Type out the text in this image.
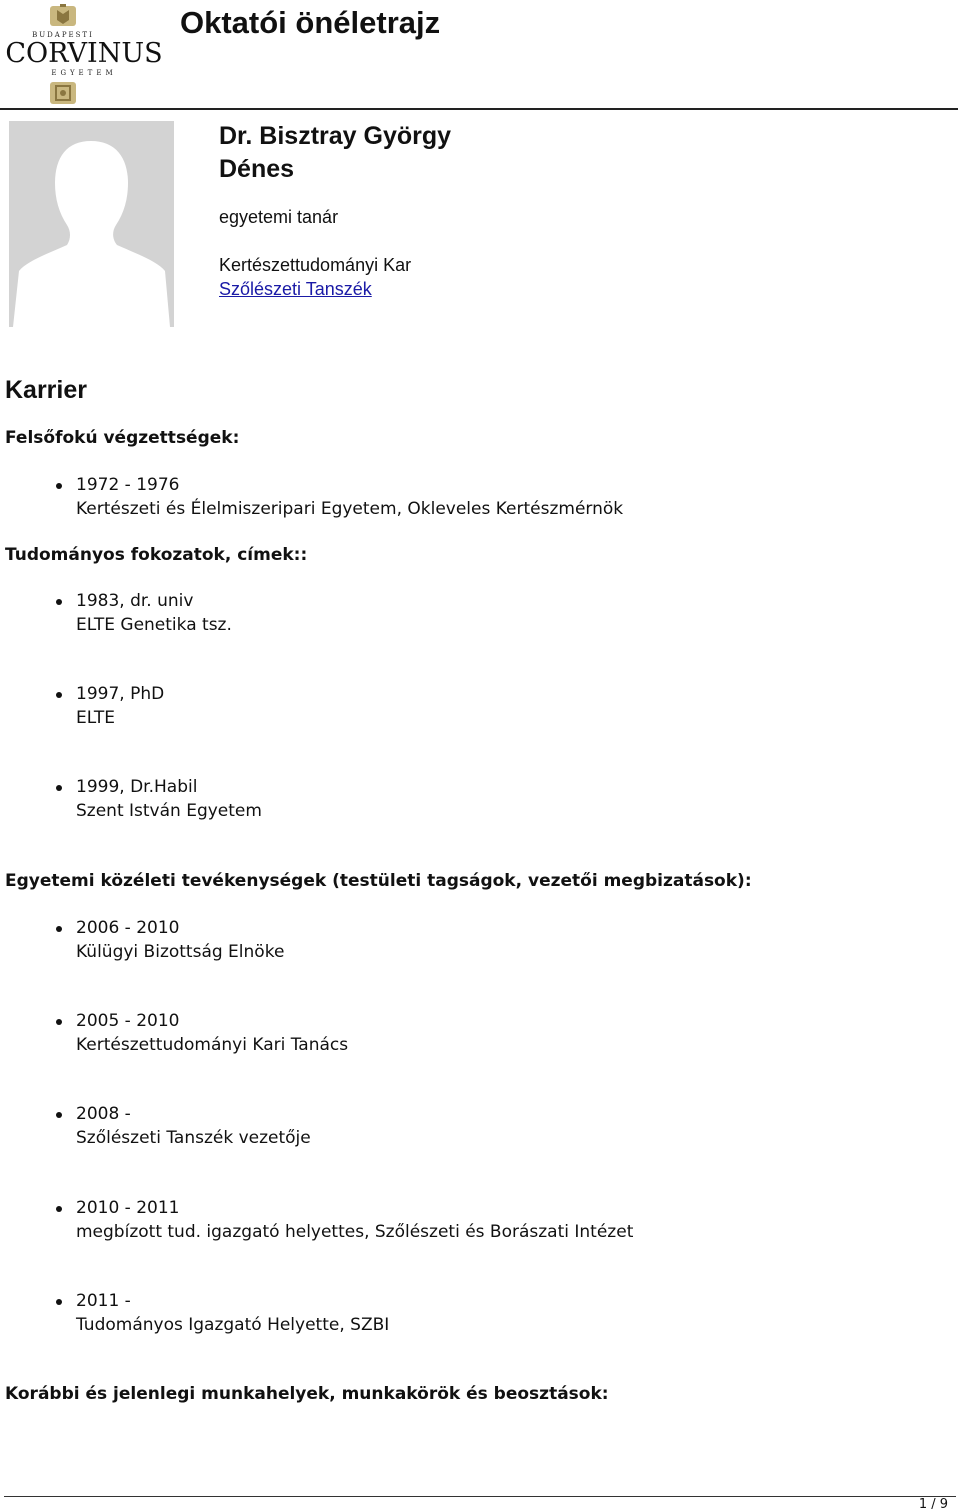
BUDAPESTI
CORVINUS
EGYETEM
Oktatói önéletrajz
Dr. Bisztray György
Dénes

egyetemi tanár

Kertészettudományi Kar

Szőlészeti Tanszék
Karrier
Felsőfokú végzettségek:
1972 - 1976
Kertészeti és Élelmiszeripari Egyetem, Okleveles Kertészmérnök
Tudományos fokozatok, címek::
1983, dr. univ
ELTE Genetika tsz.
1997, PhD
ELTE
1999, Dr.Habil
Szent István Egyetem
Egyetemi közéleti tevékenységek (testületi tagságok, vezetői megbizatások):
2006 - 2010
Külügyi Bizottság Elnöke
2005 - 2010
Kertészettudományi Kari Tanács
2008 -
Szőlészeti Tanszék vezetője
2010 - 2011
megbízott tud. igazgató helyettes, Szőlészeti és Borászati Intézet
2011 -
Tudományos Igazgató Helyette, SZBI
Korábbi és jelenlegi munkahelyek, munkakörök és beosztások:
1 / 9
